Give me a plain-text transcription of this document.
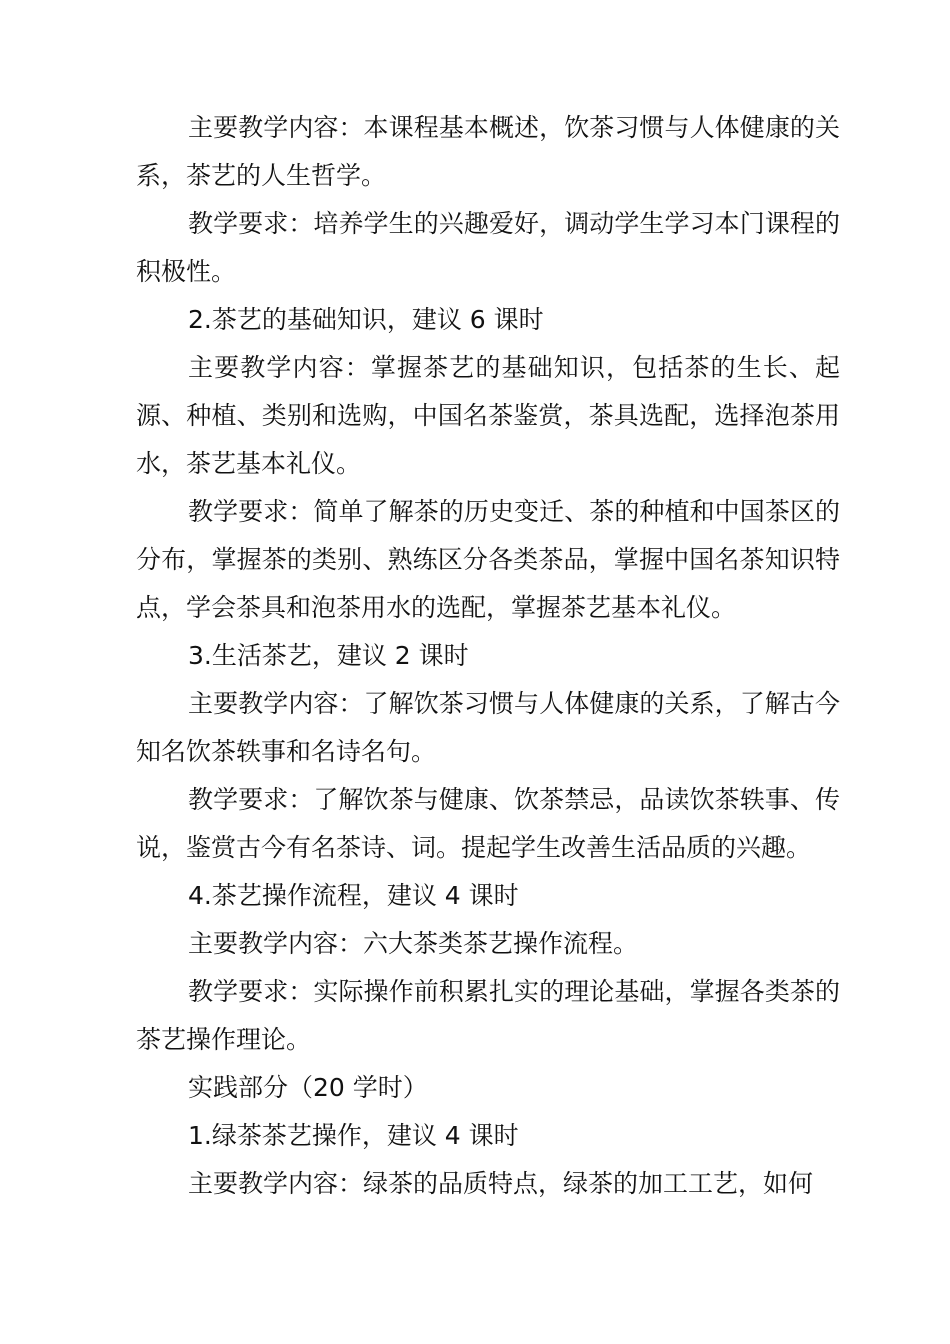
主要教学内容：本课程基本概述，饮茶习惯与人体健康的关系，茶艺的人生哲学。

教学要求：培养学生的兴趣爱好，调动学生学习本门课程的积极性。

2.茶艺的基础知识，建议 6 课时

主要教学内容：掌握茶艺的基础知识，包括茶的生长、起源、种植、类别和选购，中国名茶鉴赏，茶具选配，选择泡茶用水，茶艺基本礼仪。

教学要求：简单了解茶的历史变迁、茶的种植和中国茶区的分布，掌握茶的类别、熟练区分各类茶品，掌握中国名茶知识特点，学会茶具和泡茶用水的选配，掌握茶艺基本礼仪。

3.生活茶艺，建议 2 课时

主要教学内容：了解饮茶习惯与人体健康的关系，了解古今知名饮茶轶事和名诗名句。

教学要求：了解饮茶与健康、饮茶禁忌，品读饮茶轶事、传说，鉴赏古今有名茶诗、词。提起学生改善生活品质的兴趣。

4.茶艺操作流程，建议 4 课时

主要教学内容：六大茶类茶艺操作流程。

教学要求：实际操作前积累扎实的理论基础，掌握各类茶的茶艺操作理论。

实践部分（20 学时）

1.绿茶茶艺操作，建议 4 课时

主要教学内容：绿茶的品质特点，绿茶的加工工艺，如何
